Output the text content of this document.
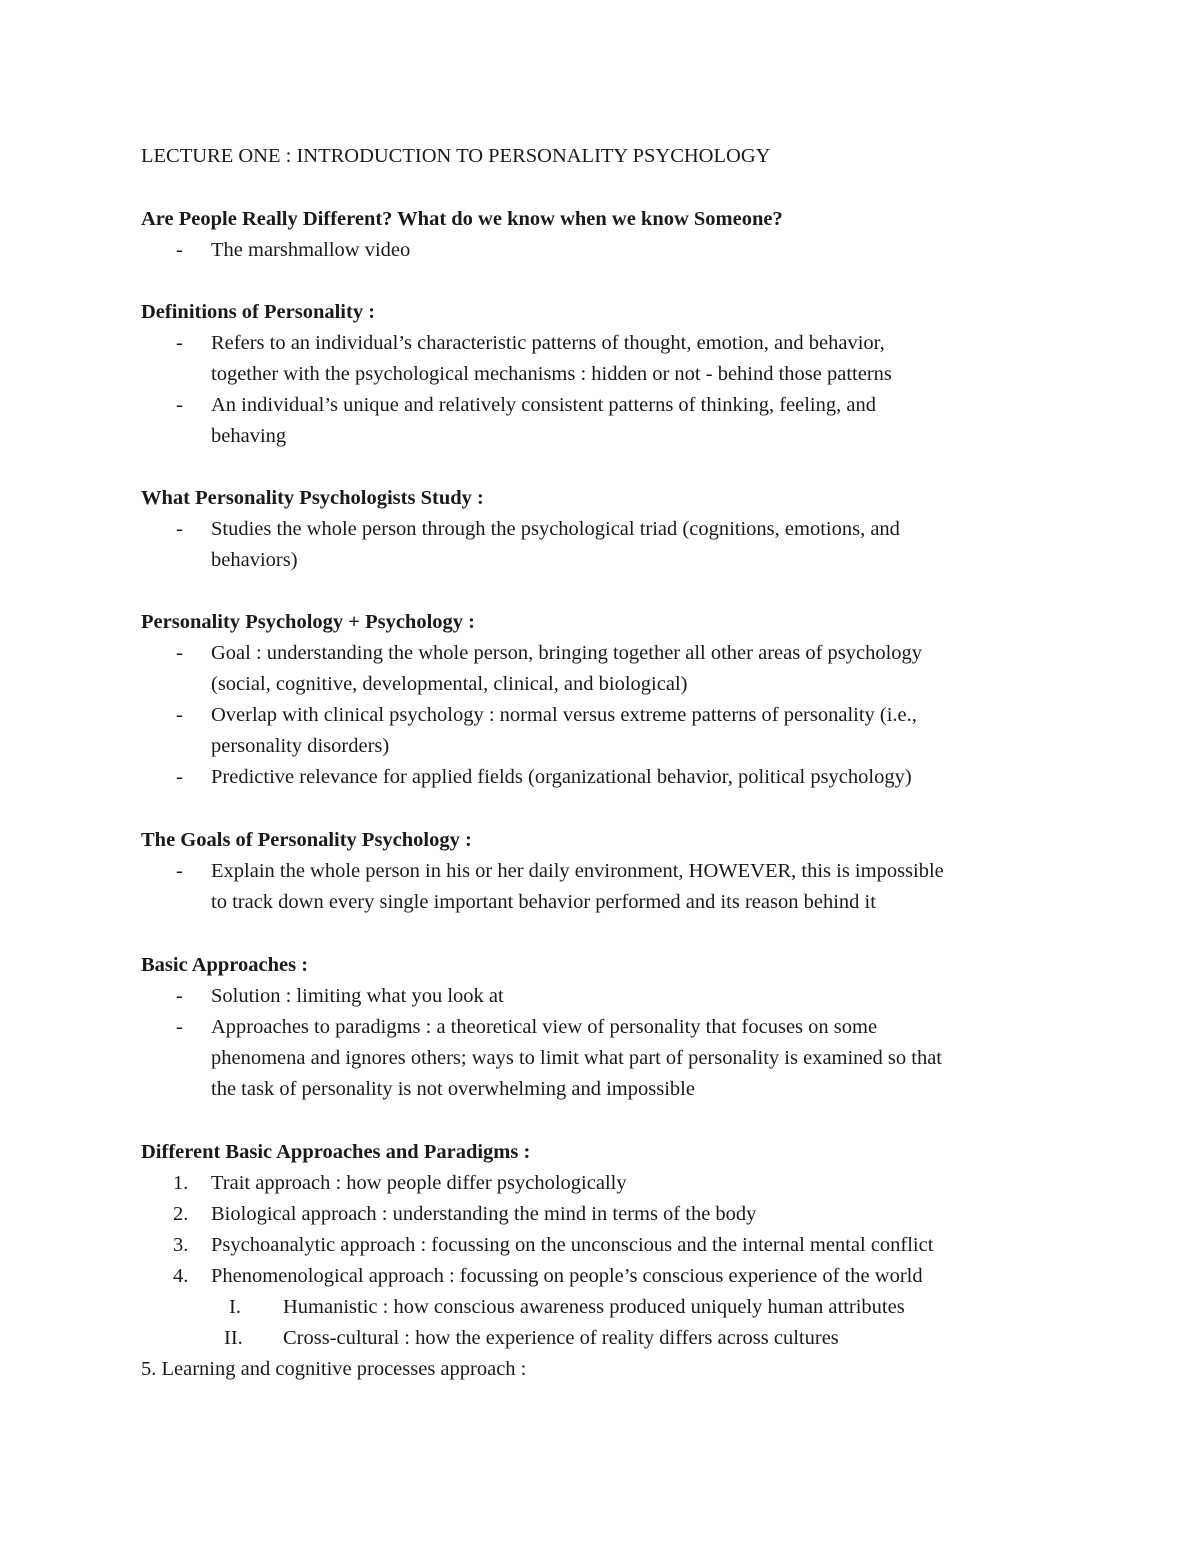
LECTURE ONE : INTRODUCTION TO PERSONALITY PSYCHOLOGY
Are People Really Different? What do we know when we know Someone?
- The marshmallow video
Definitions of Personality :
- Refers to an individual’s characteristic patterns of thought, emotion, and behavior,
together with the psychological mechanisms : hidden or not - behind those patterns
- An individual’s unique and relatively consistent patterns of thinking, feeling, and
behaving
What Personality Psychologists Study :
- Studies the whole person through the psychological triad (cognitions, emotions, and
behaviors)
Personality Psychology + Psychology :
- Goal : understanding the whole person, bringing together all other areas of psychology
(social, cognitive, developmental, clinical, and biological)
- Overlap with clinical psychology : normal versus extreme patterns of personality (i.e.,
personality disorders)
- Predictive relevance for applied fields (organizational behavior, political psychology)
The Goals of Personality Psychology :
- Explain the whole person in his or her daily environment, HOWEVER, this is impossible
to track down every single important behavior performed and its reason behind it
Basic Approaches :
- Solution : limiting what you look at
- Approaches to paradigms : a theoretical view of personality that focuses on some
phenomena and ignores others; ways to limit what part of personality is examined so that
the task of personality is not overwhelming and impossible
Different Basic Approaches and Paradigms :
1. Trait approach : how people differ psychologically
2. Biological approach : understanding the mind in terms of the body
3. Psychoanalytic approach : focussing on the unconscious and the internal mental conflict
4. Phenomenological approach : focussing on people’s conscious experience of the world
I. Humanistic : how conscious awareness produced uniquely human attributes
II. Cross-cultural : how the experience of reality differs across cultures
5. Learning and cognitive processes approach :
